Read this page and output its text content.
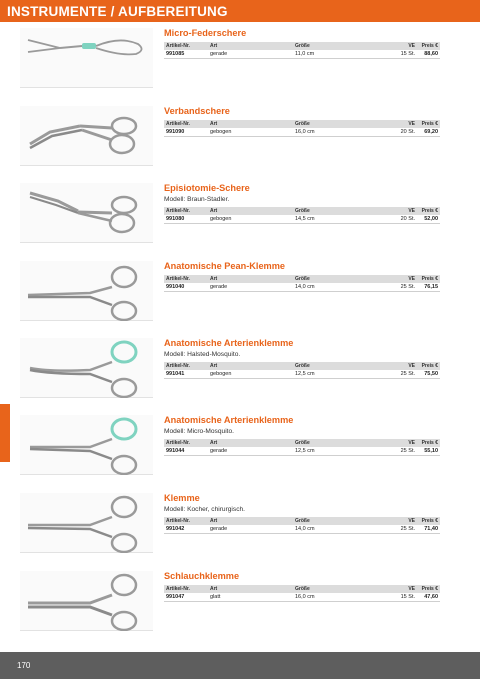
INSTRUMENTE / AUFBEREITUNG
Micro-Federschere
Artikel-Nr.	Art	Größe	VE	Preis €
991085	gerade	11,0 cm	15 St.	88,60
Verbandschere
Artikel-Nr.	Art	Größe	VE	Preis €
991090	gebogen	16,0 cm	20 St.	69,20
Episiotomie-Schere
Modell: Braun-Stadler.
Artikel-Nr.	Art	Größe	VE	Preis €
991080	gebogen	14,5 cm	20 St.	52,00
Anatomische Pean-Klemme
Artikel-Nr.	Art	Größe	VE	Preis €
991040	gerade	14,0 cm	25 St.	76,15
Anatomische Arterienklemme
Modell: Halsted-Mosquito.
Artikel-Nr.	Art	Größe	VE	Preis €
991041	gebogen	12,5 cm	25 St.	75,50
Anatomische Arterienklemme
Modell: Micro-Mosquito.
Artikel-Nr.	Art	Größe	VE	Preis €
991044	gerade	12,5 cm	25 St.	55,10
Klemme
Modell: Kocher, chirurgisch.
Artikel-Nr.	Art	Größe	VE	Preis €
991042	gerade	14,0 cm	25 St.	71,40
Schlauchklemme
Artikel-Nr.	Art	Größe	VE	Preis €
991047	glatt	16,0 cm	15 St.	47,60
170
